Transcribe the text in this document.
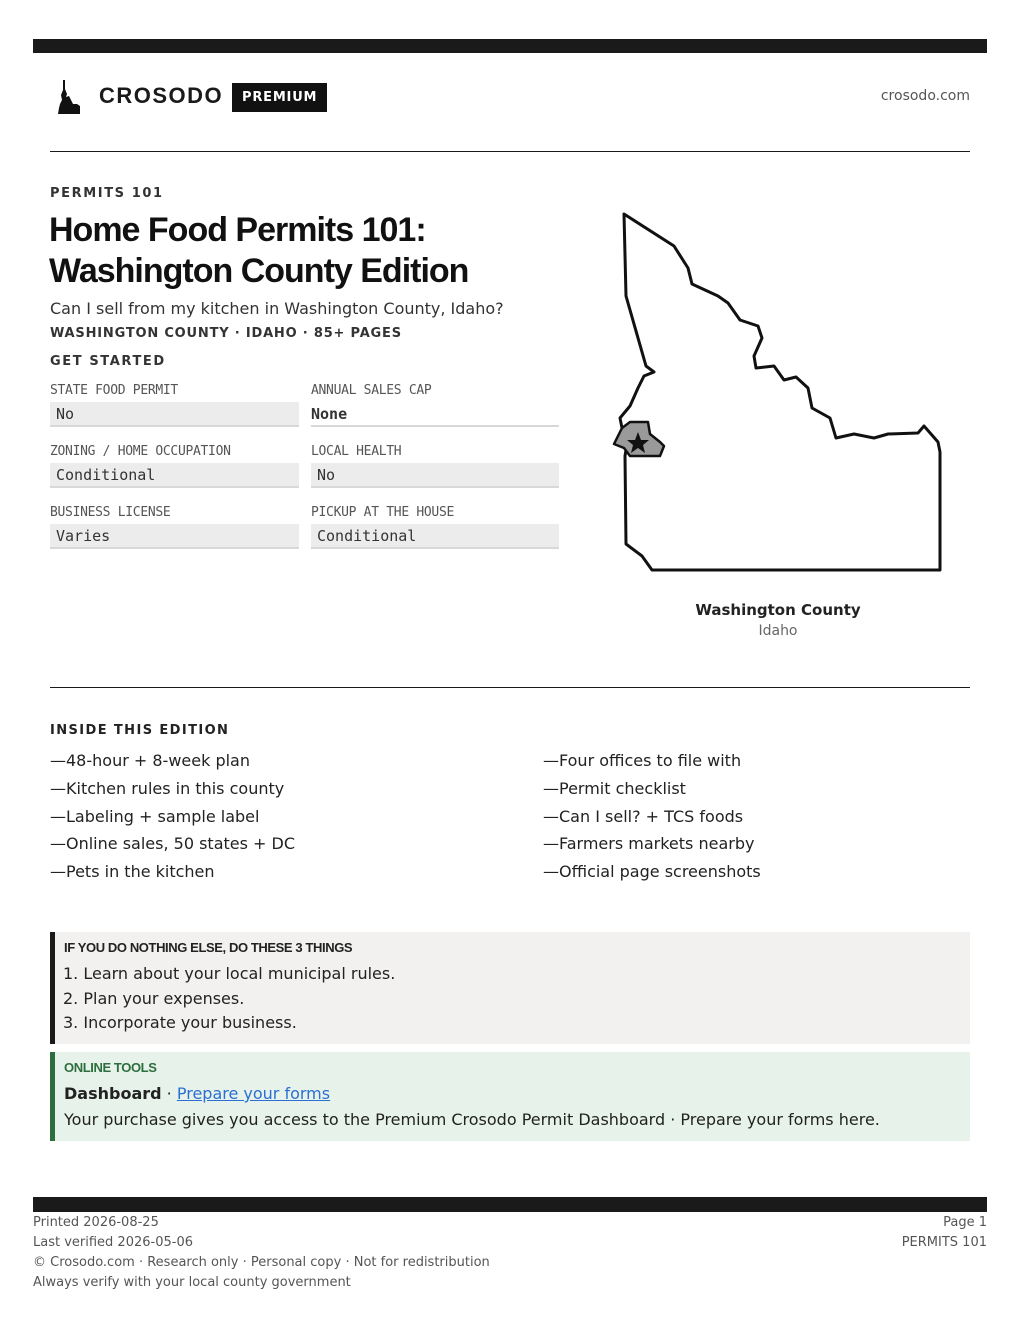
CROSODO	PREMIUM	crosodo.com
PERMITS 101
Home Food Permits 101:
Washington County Edition
Can I sell from my kitchen in Washington County, Idaho?
WASHINGTON COUNTY · IDAHO · 85+ PAGES
GET STARTED
STATE FOOD PERMIT
No
ANNUAL SALES CAP
None
ZONING / HOME OCCUPATION
Conditional
LOCAL HEALTH
No
BUSINESS LICENSE
Varies
PICKUP AT THE HOUSE
Conditional
Washington County
Idaho
INSIDE THIS EDITION
—48-hour + 8-week plan
—Kitchen rules in this county
—Labeling + sample label
—Online sales, 50 states + DC
—Pets in the kitchen
—Four offices to file with
—Permit checklist
—Can I sell? + TCS foods
—Farmers markets nearby
—Official page screenshots
IF YOU DO NOTHING ELSE, DO THESE 3 THINGS
1. Learn about your local municipal rules.
2. Plan your expenses.
3. Incorporate your business.
ONLINE TOOLS
Dashboard · Prepare your forms
Your purchase gives you access to the Premium Crosodo Permit Dashboard · Prepare your forms here.
Printed 2026-08-25
Last verified 2026-05-06
© Crosodo.com · Research only · Personal copy · Not for redistribution
Always verify with your local county government
Page 1
PERMITS 101
